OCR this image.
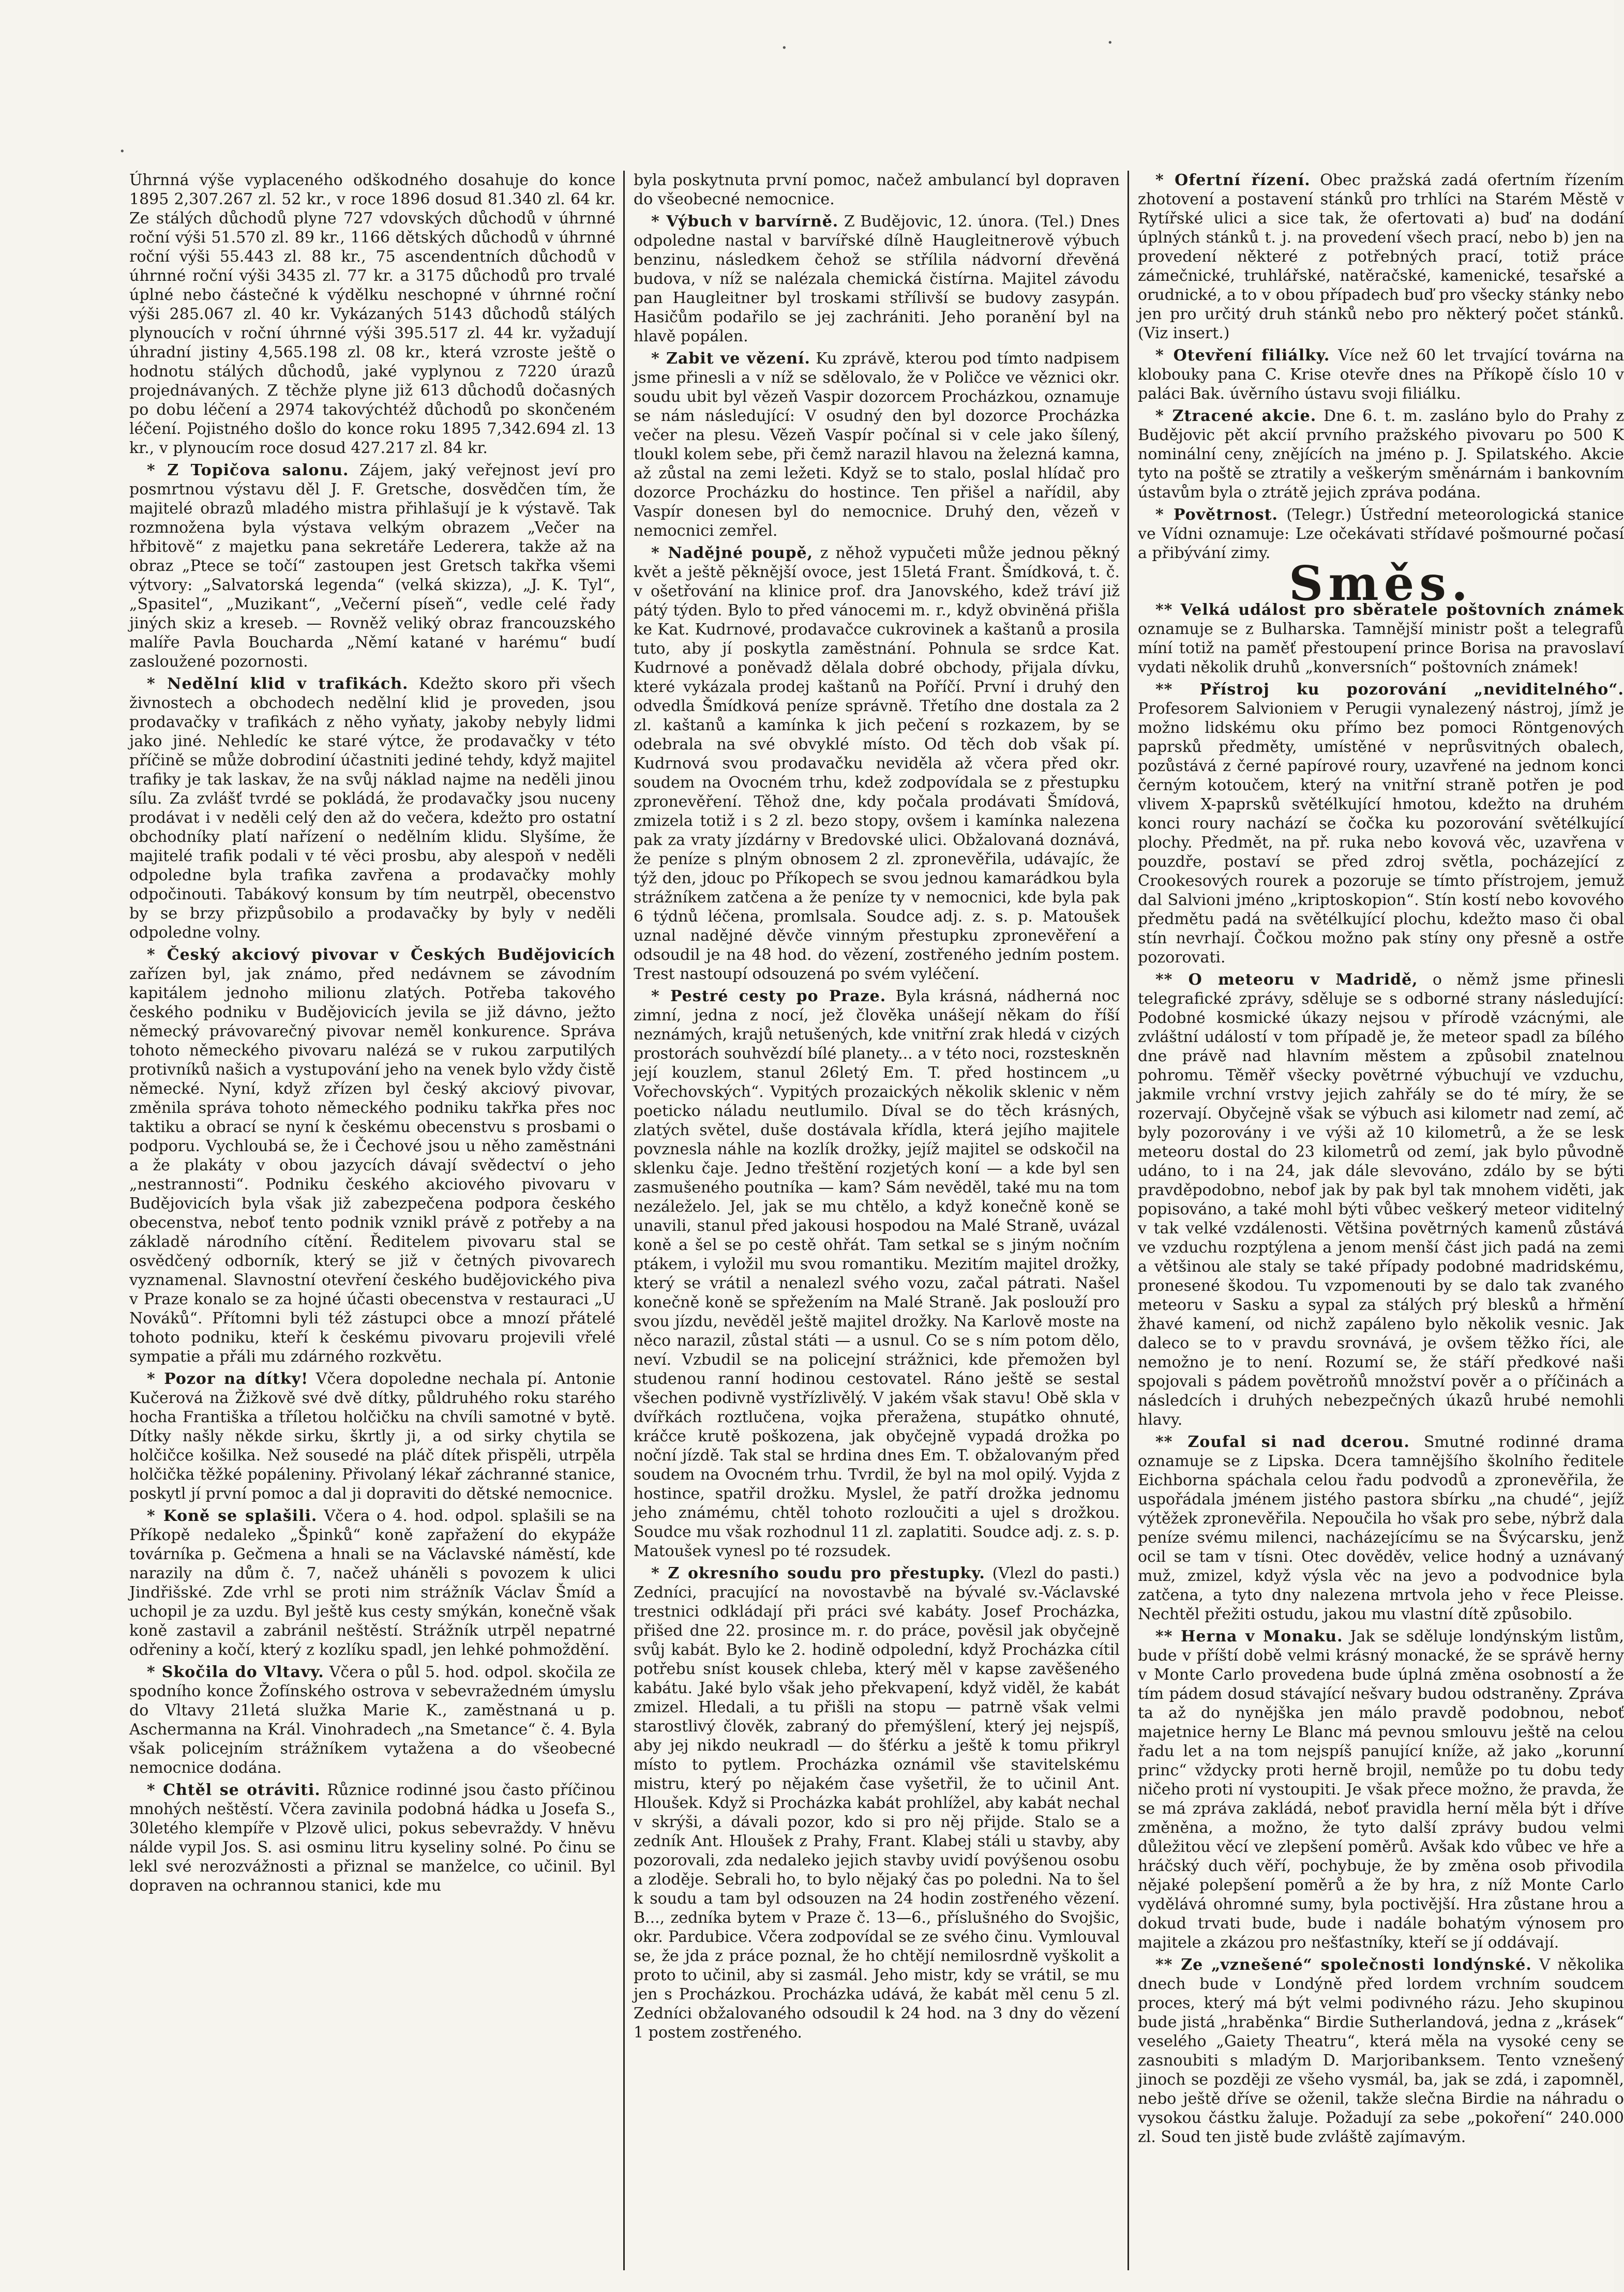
·	·
·

Úhrnná výše vyplaceného odškodného dosahuje do konce 1895 2,307.267 zl. 52 kr., v roce 1896 dosud 81.340 zl. 64 kr. Ze stálých důchodů plyne 727 vdovských důchodů v úhrnné roční výši 51.570 zl. 89 kr., 1166 dětských důchodů v úhrnné roční výši 55.443 zl. 88 kr., 75 ascendentních důchodů v úhrnné roční výši 3435 zl. 77 kr. a 3175 důchodů pro trvalé úplné nebo částečné k výdělku neschopné v úhrnné roční výši 285.067 zl. 40 kr. Vykázaných 5143 důchodů stálých plynoucích v roční úhrnné výši 395.517 zl. 44 kr. vyžadují úhradní jistiny 4,565.198 zl. 08 kr., která vzroste ještě o hodnotu stálých důchodů, jaké vyplynou z 7220 úrazů projednávaných. Z těchže plyne již 613 důchodů dočasných po dobu léčení a 2974 takovýchtéž důchodů po skončeném léčení. Pojistného došlo do konce roku 1895 7,342.694 zl. 13 kr., v plynoucím roce dosud 427.217 zl. 84 kr.

* Z Topičova salonu. Zájem, jaký veřejnost jeví pro posmrtnou výstavu děl J. F. Gretsche, dosvědčen tím, že majitelé obrazů mladého mistra přihlašují je k výstavě. Tak rozmnožena byla výstava velkým obrazem „Večer na hřbitově“ z majetku pana sekretáře Lederera, takže až na obraz „Ptece se točí“ zastoupen jest Gretsch takřka všemi výtvory: „Salvatorská legenda“ (velká skizza), „J. K. Tyl“, „Spasitel“, „Muzikant“, „Večerní píseň“, vedle celé řady jiných skiz a kreseb. — Rovněž veliký obraz francouzského malíře Pavla Boucharda „Němí katané v harému“ budí zasloužené pozornosti.

* Nedělní klid v trafikách. Kdežto skoro při všech živnostech a obchodech nedělní klid je proveden, jsou prodavačky v trafikách z něho vyňaty, jakoby nebyly lidmi jako jiné. Nehledíc ke staré výtce, že prodavačky v této příčině se může dobrodiní účastniti jediné tehdy, když majitel trafiky je tak laskav, že na svůj náklad najme na neděli jinou sílu. Za zvlášť tvrdé se pokládá, že prodavačky jsou nuceny prodávat i v neděli celý den až do večera, kdežto pro ostatní obchodníky platí nařízení o nedělním klidu. Slyšíme, že majitelé trafik podali v té věci prosbu, aby alespoň v neděli odpoledne byla trafika zavřena a prodavačky mohly odpočinouti. Tabákový konsum by tím neutrpěl, obecenstvo by se brzy přizpůsobilo a prodavačky by byly v neděli odpoledne volny.

* Český akciový pivovar v Českých Budějovicích zařízen byl, jak známo, před nedávnem se závodním kapitálem jednoho milionu zlatých. Potřeba takového českého podniku v Budějovicích jevila se již dávno, ježto německý právovarečný pivovar neměl konkurence. Správa tohoto německého pivovaru nalézá se v rukou zarputilých protivníků našich a vystupování jeho na venek bylo vždy čistě německé. Nyní, když zřízen byl český akciový pivovar, změnila správa tohoto německého podniku takřka přes noc taktiku a obrací se nyní k českému obecenstvu s prosbami o podporu. Vychloubá se, že i Čechové jsou u něho zaměstnáni a že plakáty v obou jazycích dávají svědectví o jeho „nestrannosti“. Podniku českého akciového pivovaru v Budějovicích byla však již zabezpečena podpora českého obecenstva, neboť tento podnik vznikl právě z potřeby a na základě národního cítění. Ředitelem pivovaru stal se osvědčený odborník, který se již v četných pivovarech vyznamenal. Slavnostní otevření českého budějovického piva v Praze konalo se za hojné účasti obecenstva v restauraci „U Nováků“. Přítomni byli též zástupci obce a mnozí přátelé tohoto podniku, kteří k českému pivovaru projevili vřelé sympatie a přáli mu zdárného rozkvětu.

* Pozor na dítky! Včera dopoledne nechala pí. Antonie Kučerová na Žižkově své dvě dítky, půldruhého roku starého hocha Františka a tříletou holčičku na chvíli samotné v bytě. Dítky našly někde sirku, škrtly ji, a od sirky chytila se holčičce košilka. Než sousedé na pláč dítek přispěli, utrpěla holčička těžké popáleniny. Přivolaný lékař záchranné stanice, poskytl jí první pomoc a dal ji dopraviti do dětské nemocnice.

* Koně se splašili. Včera o 4. hod. odpol. splašili se na Příkopě nedaleko „Špinků“ koně zapřažení do ekypáže továrníka p. Gečmena a hnali se na Václavské náměstí, kde narazily na dům č. 7, načež uháněli s povozem k ulici Jindřišské. Zde vrhl se proti nim strážník Václav Šmíd a uchopil je za uzdu. Byl ještě kus cesty smýkán, konečně však koně zastavil a zabránil neštěstí. Strážník utrpěl nepatrné odřeniny a kočí, který z kozlíku spadl, jen lehké pohmoždění.

* Skočila do Vltavy. Včera o půl 5. hod. odpol. skočila ze spodního konce Žofínského ostrova v sebevražedném úmyslu do Vltavy 21letá služka Marie K., zaměstnaná u p. Aschermanna na Král. Vinohradech „na Smetance“ č. 4. Byla však policejním strážníkem vytažena a do všeobecné nemocnice dodána.

* Chtěl se otráviti. Různice rodinné jsou často příčinou mnohých neštěstí. Včera zavinila podobná hádka u Josefa S., 30letého klempíře v Plzově ulici, pokus sebevraždy. V hněvu nálde vypil Jos. S. asi osminu litru kyseliny solné. Po činu se lekl své nerozvážnosti a přiznal se manželce, co učinil. Byl dopraven na ochrannou stanici, kde mu

byla poskytnuta první pomoc, načež ambulancí byl dopraven do všeobecné nemocnice.

* Výbuch v barvírně. Z Budějovic, 12. února. (Tel.) Dnes odpoledne nastal v barvířské dílně Haugleitnerově výbuch benzinu, následkem čehož se střílila nádvorní dřevěná budova, v níž se nalézala chemická čistírna. Majitel závodu pan Haugleitner byl troskami střílivší se budovy zasypán. Hasičům podařilo se jej zachrániti. Jeho poranění byl na hlavě popálen.

* Zabit ve vězení. Ku zprávě, kterou pod tímto nadpisem jsme přinesli a v níž se sdělovalo, že v Poličce ve věznici okr. soudu ubit byl vězeň Vaspir dozorcem Procházkou, oznamuje se nám následující: V osudný den byl dozorce Procházka večer na plesu. Vězeň Vaspír počínal si v cele jako šílený, tloukl kolem sebe, při čemž narazil hlavou na železná kamna, až zůstal na zemi ležeti. Když se to stalo, poslal hlídač pro dozorce Procházku do hostince. Ten přišel a nařídil, aby Vaspír donesen byl do nemocnice. Druhý den, vězeň v nemocnici zemřel.

* Nadějné poupě, z něhož vypučeti může jednou pěkný květ a ještě pěknější ovoce, jest 15letá Frant. Šmídková, t. č. v ošetřování na klinice prof. dra Janovského, kdež tráví již pátý týden. Bylo to před vánocemi m. r., když obviněná přišla ke Kat. Kudrnové, prodavačce cukrovinek a kaštanů a prosila tuto, aby jí poskytla zaměstnání. Pohnula se srdce Kat. Kudrnové a poněvadž dělala dobré obchody, přijala dívku, které vykázala prodej kaštanů na Poříčí. První i druhý den odvedla Šmídková peníze správně. Třetího dne dostala za 2 zl. kaštanů a kamínka k jich pečení s rozkazem, by se odebrala na své obvyklé místo. Od těch dob však pí. Kudrnová svou prodavačku neviděla až včera před okr. soudem na Ovocném trhu, kdež zodpovídala se z přestupku zpronevěření. Těhož dne, kdy počala prodávati Šmídová, zmizela totiž i s 2 zl. bezo stopy, ovšem i kamínka nalezena pak za vraty jízdárny v Bredovské ulici. Obžalovaná doznává, že peníze s plným obnosem 2 zl. zpronevěřila, udávajíc, že týž den, jdouc po Příkopech se svou jednou kamarádkou byla strážníkem zatčena a že peníze ty v nemocnici, kde byla pak 6 týdnů léčena, promlsala. Soudce adj. z. s. p. Matoušek uznal nadějné děvče vinným přestupku zpronevěření a odsoudil je na 48 hod. do vězení, zostřeného jedním postem. Trest nastoupí odsouzená po svém vyléčení.

* Pestré cesty po Praze. Byla krásná, nádherná noc zimní, jedna z nocí, jež člověka unášejí někam do říší neznámých, krajů netušených, kde vnitřní zrak hledá v cizých prostorách souhvězdí bílé planety... a v této noci, rozsteskněn její kouzlem, stanul 26letý Em. T. před hostincem „u Vořechovských“. Vypitých prozaických několik sklenic v něm poeticko náladu neutlumilo. Díval se do těch krásných, zlatých světel, duše dostávala křídla, která jejího majitele povznesla náhle na kozlík drožky, jejíž majitel se odskočil na sklenku čaje. Jedno třeštění rozjetých koní — a kde byl sen zasmušeného poutníka — kam? Sám nevěděl, také mu na tom nezáleželo. Jel, jak se mu chtělo, a když konečně koně se unavili, stanul před jakousi hospodou na Malé Straně, uvázal koně a šel se po cestě ohřát. Tam setkal se s jiným nočním ptákem, i vyložil mu svou romantiku. Mezitím majitel drožky, který se vrátil a nenalezl svého vozu, začal pátrati. Našel konečně koně se spřežením na Malé Straně. Jak poslouží pro svou jízdu, nevěděl ještě majitel drožky. Na Karlově moste na něco narazil, zůstal státi — a usnul. Co se s ním potom dělo, neví. Vzbudil se na policejní strážnici, kde přemožen byl studenou ranní hodinou cestovatel. Ráno ještě se sestal všechen podivně vystřízlivělý. V jakém však stavu! Obě skla v dvířkách roztlučena, vojka přeražena, stupátko ohnuté, kráčce krutě poškozena, jak obyčejně vypadá drožka po noční jízdě. Tak stal se hrdina dnes Em. T. obžalovaným před soudem na Ovocném trhu. Tvrdil, že byl na mol opilý. Vyjda z hostince, spatřil drožku. Myslel, že patří drožka jednomu jeho známému, chtěl tohoto rozloučiti a ujel s drožkou. Soudce mu však rozhodnul 11 zl. zaplatiti. Soudce adj. z. s. p. Matoušek vynesl po té rozsudek.

* Z okresního soudu pro přestupky. (Vlezl do pasti.) Zedníci, pracující na novostavbě na bývalé sv.-Václavské trestnici odkládají při práci své kabáty. Josef Procházka, přišed dne 22. prosince m. r. do práce, pověsil jak obyčejně svůj kabát. Bylo ke 2. hodině odpolední, když Procházka cítil potřebu sníst kousek chleba, který měl v kapse zavěšeného kabátu. Jaké bylo však jeho překvapení, když viděl, že kabát zmizel. Hledali, a tu přišli na stopu — patrně však velmi starostlivý člověk, zabraný do přemýšlení, který jej nejspíš, aby jej nikdo neukradl — do šťérku a ještě k tomu přikryl místo to pytlem. Procházka oznámil vše stavitelskému mistru, který po nějakém čase vyšetřil, že to učinil Ant. Hloušek. Když si Procházka kabát prohlížel, aby kabát nechal v skrýši, a dávali pozor, kdo si pro něj přijde. Stalo se a zedník Ant. Hloušek z Prahy, Frant. Klabej stáli u stavby, aby pozorovali, zda nedaleko jejich stavby uvidí povýšenou osobu a zloděje. Sebrali ho, to bylo nějaký čas po poledni. Na to šel k soudu a tam byl odsouzen na 24 hodin zostřeného vězení. B..., zedníka bytem v Praze č. 13—6., příslušného do Svojšic, okr. Pardubice. Včera zodpovídal se ze svého činu. Vymlouval se, že jda z práce poznal, že ho chtějí nemilosrdně vyškolit a proto to učinil, aby si zasmál. Jeho mistr, kdy se vrátil, se mu jen s Procházkou. Procházka udává, že kabát měl cenu 5 zl. Zedníci obžalovaného odsoudil k 24 hod. na 3 dny do vězení 1 postem zostřeného.

* Ofertní řízení. Obec pražská zadá ofertním řízením zhotovení a postavení stánků pro trhlíci na Starém Městě v Rytířské ulici a sice tak, že ofertovati a) buď na dodání úplných stánků t. j. na provedení všech prací, nebo b) jen na provedení některé z potřebných prací, totiž práce zámečnické, truhlářské, natěračské, kamenické, tesařské a orudnické, a to v obou případech buď pro všecky stánky nebo jen pro určitý druh stánků nebo pro některý počet stánků. (Viz insert.)

* Otevření filiálky. Více než 60 let trvající továrna na klobouky pana C. Krise otevře dnes na Příkopě číslo 10 v paláci Bak. úvěrního ústavu svoji filiálku.

* Ztracené akcie. Dne 6. t. m. zasláno bylo do Prahy z Budějovic pět akcií prvního pražského pivovaru po 500 K nominální ceny, znějících na jméno p. J. Spilatského. Akcie tyto na poště se ztratily a veškerým směnárnám i bankovním ústavům byla o ztrátě jejich zpráva podána.

* Povětrnost. (Telegr.) Ústřední meteorologická stanice ve Vídni oznamuje: Lze očekávati střídavé pošmourné počasí a přibývání zimy.

Směs.

** Velká událost pro sběratele poštovních známek oznamuje se z Bulharska. Tamnější ministr pošt a telegrafů míní totiž na paměť přestoupení prince Borisa na pravoslaví vydati několik druhů „konversních“ poštovních známek!

** Přístroj ku pozorování „neviditelného“. Profesorem Salvioniem v Perugii vynalezený nástroj, jímž je možno lidskému oku přímo bez pomoci Röntgenových paprsků předměty, umístěné v neprůsvitných obalech, pozůstává z černé papírové roury, uzavřené na jednom konci černým kotoučem, který na vnitřní straně potřen je pod vlivem X-paprsků světélkující hmotou, kdežto na druhém konci roury nachází se čočka ku pozorování světélkující plochy. Předmět, na př. ruka nebo kovová věc, uzavřena v pouzdře, postaví se před zdroj světla, pocházející z Crookesových rourek a pozoruje se tímto přístrojem, jemuž dal Salvioni jméno „kriptoskopion“. Stín kostí nebo kovového předmětu padá na světélkující plochu, kdežto maso či obal stín nevrhají. Čočkou možno pak stíny ony přesně a ostře pozorovati.

** O meteoru v Madridě, o němž jsme přinesli telegrafické zprávy, sděluje se s odborné strany následující: Podobné kosmické úkazy nejsou v přírodě vzácnými, ale zvláštní událostí v tom případě je, že meteor spadl za bílého dne právě nad hlavním městem a způsobil znatelnou pohromu. Těměř všecky povětrné výbuchují ve vzduchu, jakmile vrchní vrstvy jejich zahřály se do té míry, že se rozervají. Obyčejně však se výbuch asi kilometr nad zemí, ač byly pozorovány i ve výši až 10 kilometrů, a že se lesk meteoru dostal do 23 kilometrů od zemí, jak bylo původně udáno, to i na 24, jak dále slevováno, zdálo by se býti pravděpodobno, nebof jak by pak byl tak mnohem viděti, jak popisováno, a také mohl býti vůbec veškerý meteor viditelný v tak velké vzdálenosti. Většina povětrných kamenů zůstává ve vzduchu rozptýlena a jenom menší část jich padá na zemi a většinou ale staly se také případy podobné madridskému, pronesené škodou. Tu vzpomenouti by se dalo tak zvaného meteoru v Sasku a sypal za stálých prý blesků a hřmění žhavé kamení, od nichž zapáleno bylo několik vesnic. Jak daleco se to v pravdu srovnává, je ovšem těžko říci, ale nemožno je to není. Rozumí se, že stáří předkové naši spojovali s pádem povětroňů množství pověr a o příčinách a následcích i druhých nebezpečných úkazů hrubé nemohli hlavy.

** Zoufal si nad dcerou. Smutné rodinné drama oznamuje se z Lipska. Dcera tamnějšího školního ředitele Eichborna spáchala celou řadu podvodů a zpronevěřila, že uspořádala jménem jistého pastora sbírku „na chudé“, jejíž výtěžek zpronevěřila. Nepoučila ho však pro sebe, nýbrž dala peníze svému milenci, nacházejícímu se na Švýcarsku, jenž ocil se tam v tísni. Otec dověděv, velice hodný a uznávaný muž, zmizel, když výsla věc na jevo a podvodnice byla zatčena, a tyto dny nalezena mrtvola jeho v řece Pleisse. Nechtěl přežiti ostudu, jakou mu vlastní dítě způsobilo.

** Herna v Monaku. Jak se sděluje londýnským listům, bude v příští době velmi krásný monacké, že se správě herny v Monte Carlo provedena bude úplná změna osobností a že tím pádem dosud stávající nešvary budou odstraněny. Zpráva ta až do nynějška jen málo pravdě podobnou, neboť majetnice herny Le Blanc má pevnou smlouvu ještě na celou řadu let a na tom nejspíš panující kníže, až jako „korunní princ“ vždycky proti herně brojil, nemůže po tu dobu tedy ničeho proti ní vystoupiti. Je však přece možno, že pravda, že se má zpráva zakládá, neboť pravidla herní měla být i dříve změněna, a možno, že tyto další zprávy budou velmi důležitou věcí ve zlepšení poměrů. Avšak kdo vůbec ve hře a hráčský duch věří, pochybuje, že by změna osob přivodila nějaké polepšení poměrů a že by hra, z níž Monte Carlo vydělává ohromné sumy, byla poctivější. Hra zůstane hrou a dokud trvati bude, bude i nadále bohatým výnosem pro majitele a zkázou pro nešťastníky, kteří se jí oddávají.

** Ze „vznešené“ společnosti londýnské. V několika dnech bude v Londýně před lordem vrchním soudcem proces, který má být velmi podivného rázu. Jeho skupinou bude jistá „hraběnka“ Birdie Sutherlandová, jedna z „krásek“ veselého „Gaiety Theatru“, která měla na vysoké ceny se zasnoubiti s mladým D. Marjoribanksem. Tento vznešený jinoch se později ze všeho vysmál, ba, jak se zdá, i zapomněl, nebo ještě dříve se oženil, takže slečna Birdie na náhradu o vysokou částku žaluje. Požadují za sebe „pokoření“ 240.000 zl. Soud ten jistě bude zvláště zajímavým.
